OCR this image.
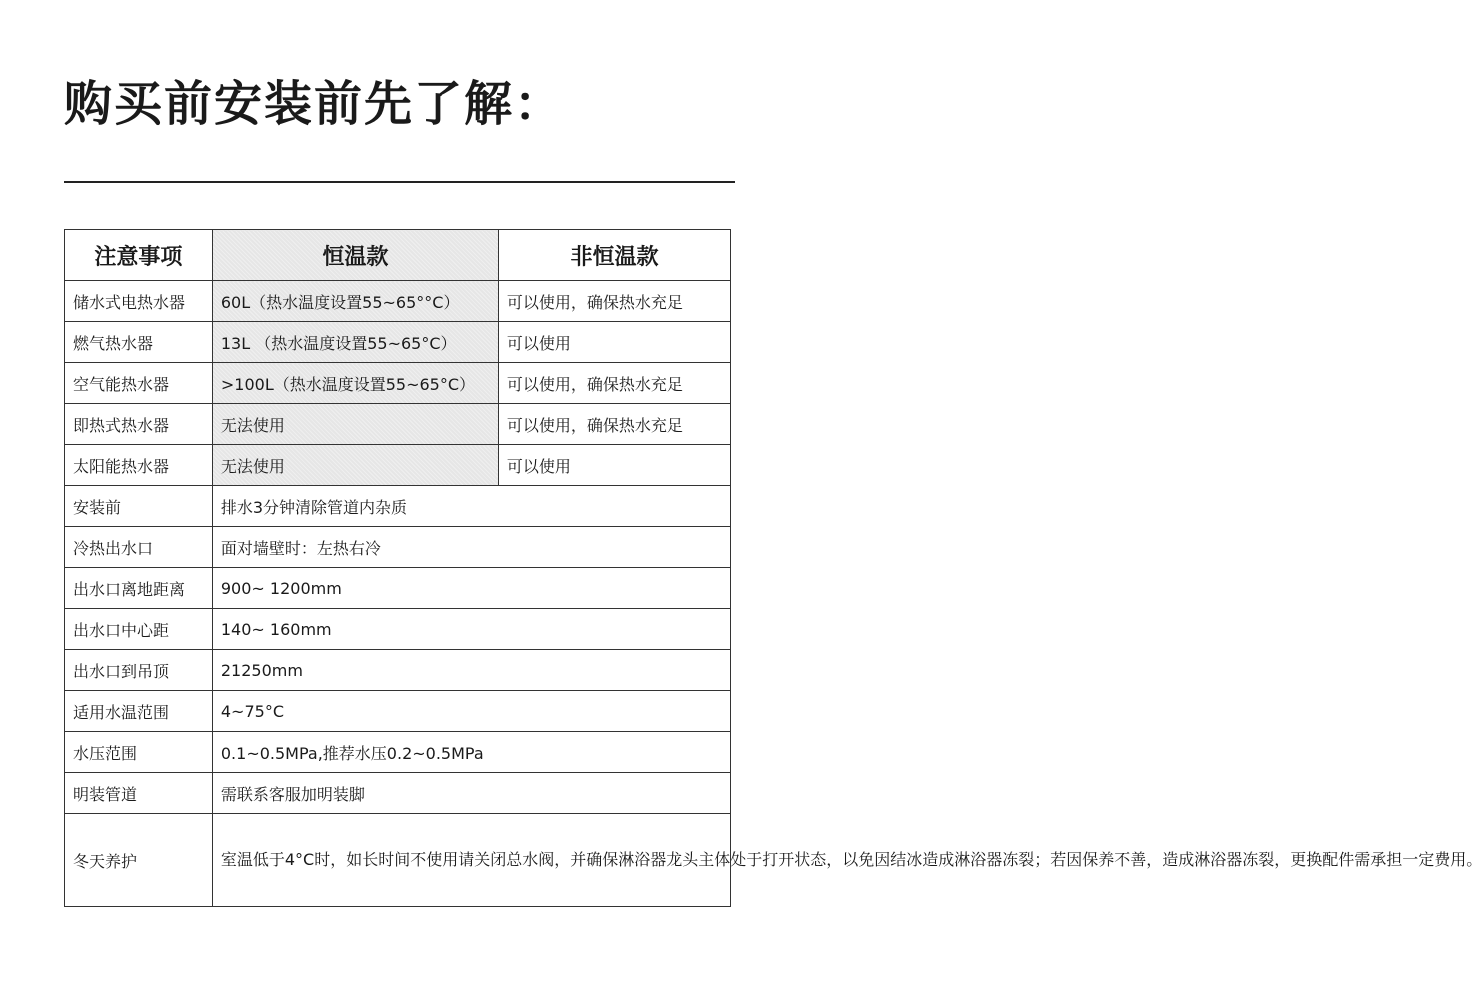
购买前安装前先了解：
注意事项	恒温款	非恒温款
储水式电热水器	60L（热水温度设置55~65°°C）	可以使用，确保热水充足
燃气热水器	13L （热水温度设置55~65°C）	可以使用
空气能热水器	>100L（热水温度设置55~65°C）	可以使用，确保热水充足
即热式热水器	无法使用	可以使用，确保热水充足
太阳能热水器	无法使用	可以使用
安装前	排水3分钟清除管道内杂质	
冷热出水口	面对墙壁时：左热右冷	
出水口离地距离	900~ 1200mm	
出水口中心距	140~ 160mm	
出水口到吊顶	21250mm	
适用水温范围	4~75°C	
水压范围	0.1~0.5MPa,推荐水压0.2~0.5MPa	
明装管道	需联系客服加明装脚	
冬天养护	室温低于4°C时，如长时间不使用请关闭总水阀，并确保淋浴器龙头主体处于打开状态，以免因结冰造成淋浴器冻裂；若因保养不善，造成淋浴器冻裂，更换配件需承担一定费用。	
